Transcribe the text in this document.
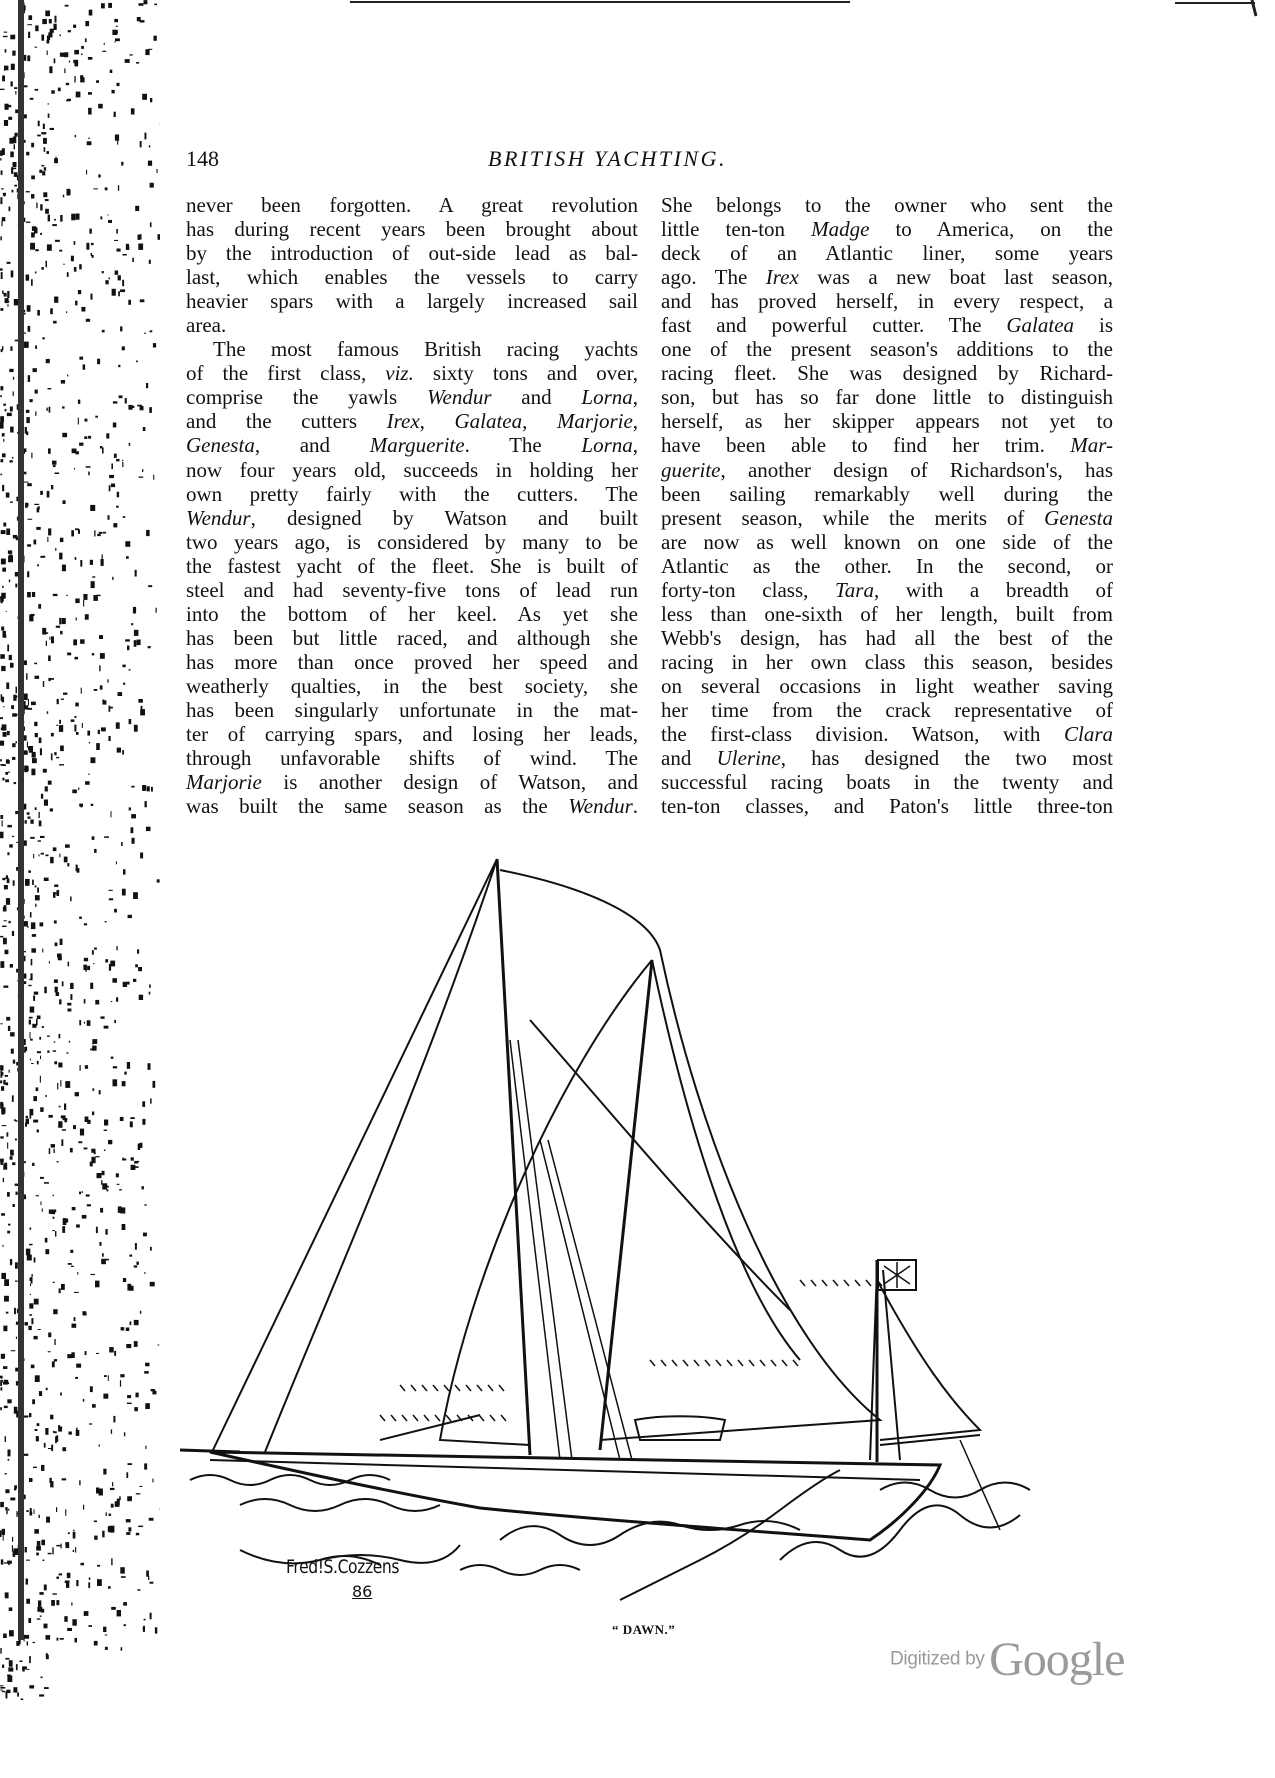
148	BRITISH YACHTING.
never been forgotten. A great revolution
has during recent years been brought about
by the introduction of out-side lead as bal-
last, which enables the vessels to carry
heavier spars with a largely increased sail
area.
The most famous British racing yachts
of the first class, viz. sixty tons and over,
comprise the yawls Wendur and Lorna,
and the cutters Irex, Galatea, Marjorie,
Genesta, and Marguerite. The Lorna,
now four years old, succeeds in holding her
own pretty fairly with the cutters. The
Wendur, designed by Watson and built
two years ago, is considered by many to be
the fastest yacht of the fleet. She is built of
steel and had seventy-five tons of lead run
into the bottom of her keel. As yet she
has been but little raced, and although she
has more than once proved her speed and
weatherly qualties, in the best society, she
has been singularly unfortunate in the mat-
ter of carrying spars, and losing her leads,
through unfavorable shifts of wind. The
Marjorie is another design of Watson, and
was built the same season as the Wendur.
She belongs to the owner who sent the
little ten-ton Madge to America, on the
deck of an Atlantic liner, some years
ago. The Irex was a new boat last season,
and has proved herself, in every respect, a
fast and powerful cutter. The Galatea is
one of the present season's additions to the
racing fleet. She was designed by Richard-
son, but has so far done little to distinguish
herself, as her skipper appears not yet to
have been able to find her trim. Mar-
guerite, another design of Richardson's, has
been sailing remarkably well during the
present season, while the merits of Genesta
are now as well known on one side of the
Atlantic as the other. In the second, or
forty-ton class, Tara, with a breadth of
less than one-sixth of her length, built from
Webb's design, has had all the best of the
racing in her own class this season, besides
on several occasions in light weather saving
her time from the crack representative of
the first-class division. Watson, with Clara
and Ulerine, has designed the two most
successful racing boats in the twenty and
ten-ton classes, and Paton's little three-ton
Fred!S.Cozzens
86
“ DAWN.”
Digitized by Google
